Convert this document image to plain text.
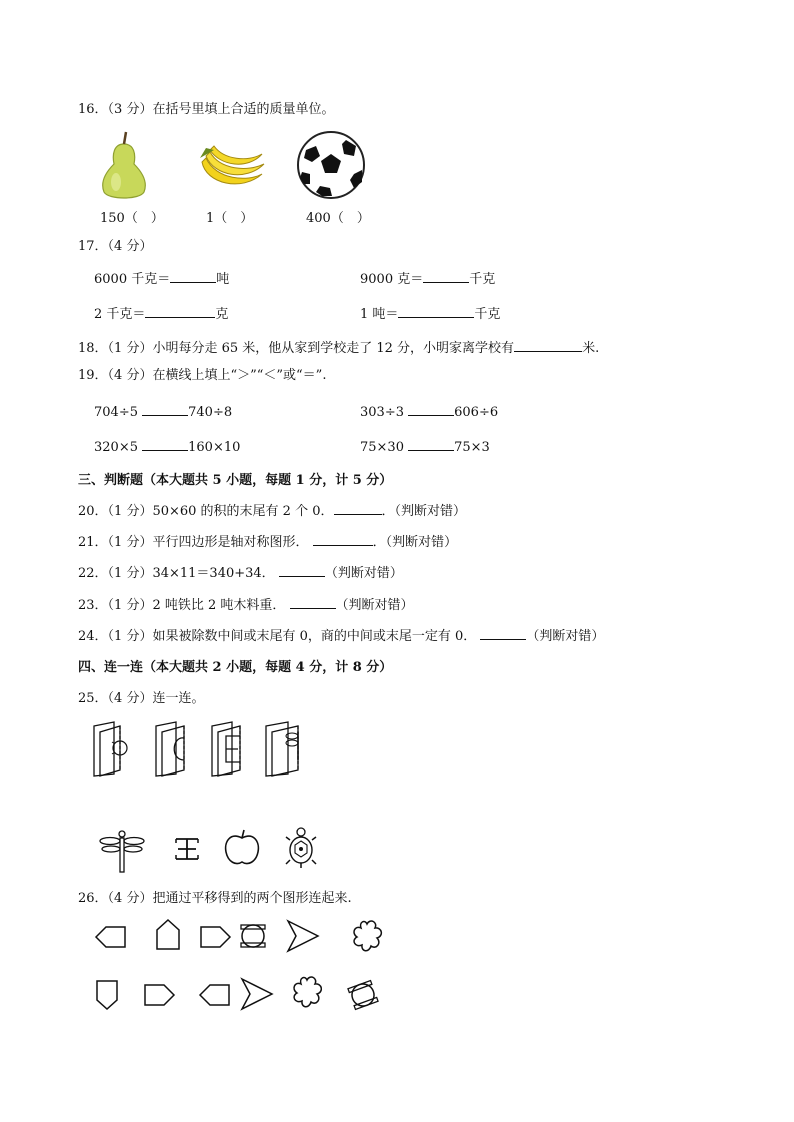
16．（3 分）在括号里填上合适的质量单位。
150（　）	1（　）	400（　）
17．（4 分）
6000 千克＝	吨	9000 克＝	千克
2 千克＝	克	1 吨＝	千克
18．（1 分）小明每分走 65 米，他从家到学校走了 12 分，小明家离学校有	米.
19．（4 分）在横线上填上“＞”“＜”或“＝”.
704÷5	740÷8	303÷3	606÷6
320×5	160×10	75×30	75×3
三、判断题（本大题共 5 小题，每题 1 分，计 5 分）
20．（1 分）50×60 的积的末尾有 2 个 0．	．（判断对错）
21．（1 分）平行四边形是轴对称图形．	．（判断对错）
22．（1 分）34×11＝340+34．	（判断对错）
23．（1 分）2 吨铁比 2 吨木料重．	（判断对错）
24．（1 分）如果被除数中间或末尾有 0，商的中间或末尾一定有 0．	（判断对错）
四、连一连（本大题共 2 小题，每题 4 分，计 8 分）
25．（4 分）连一连。
26．（4 分）把通过平移得到的两个图形连起来.
